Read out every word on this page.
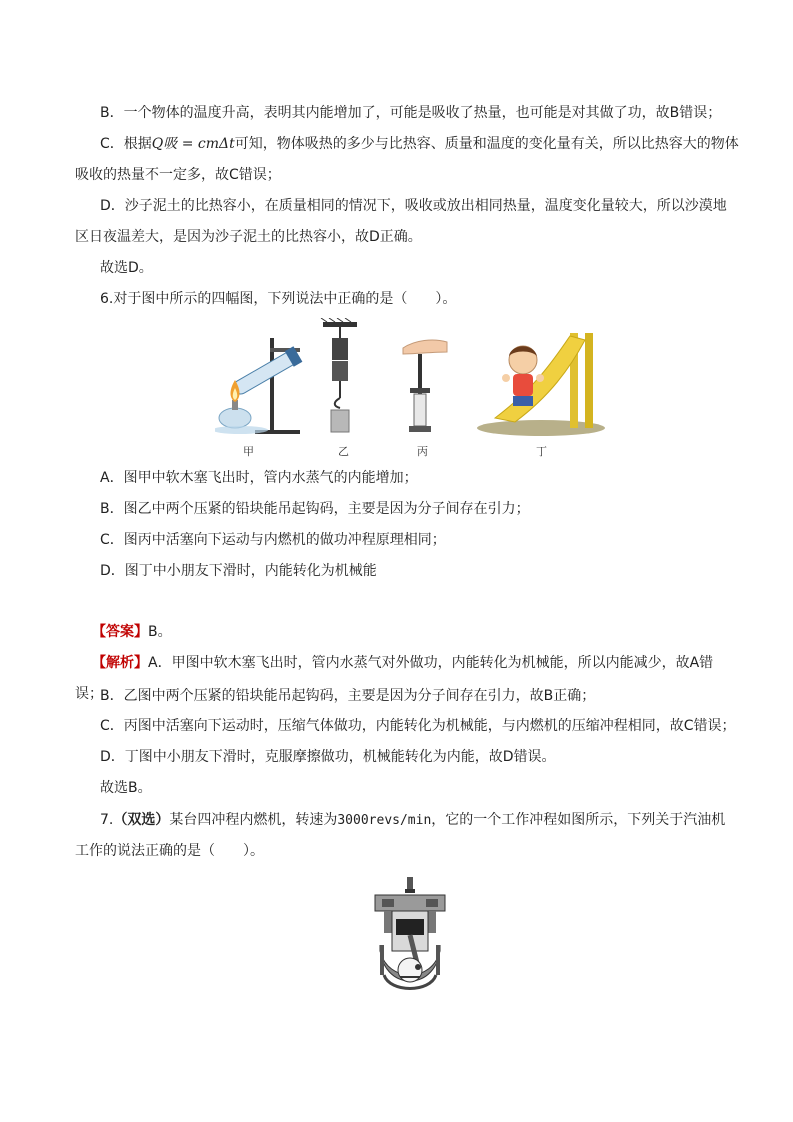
B．一个物体的温度升高，表明其内能增加了，可能是吸收了热量，也可能是对其做了功，故B错误；
C．根据Q吸 = cmΔt可知，物体吸热的多少与比热容、质量和温度的变化量有关，所以比热容大的物体
吸收的热量不一定多，故C错误；
D．沙子泥土的比热容小，在质量相同的情况下，吸收或放出相同热量，温度变化量较大，所以沙漠地
区日夜温差大，是因为沙子泥土的比热容小，故D正确。
故选D。
6.对于图中所示的四幅图，下列说法中正确的是（　　）。
甲	乙	丙	丁
A．图甲中软木塞飞出时，管内水蒸气的内能增加；
B．图乙中两个压紧的铅块能吊起钩码，主要是因为分子间存在引力；
C．图丙中活塞向下运动与内燃机的做功冲程原理相同；
D．图丁中小朋友下滑时，内能转化为机械能
【答案】B。
【解析】A．甲图中软木塞飞出时，管内水蒸气对外做功，内能转化为机械能，所以内能减少，故A错
误；
B．乙图中两个压紧的铅块能吊起钩码，主要是因为分子间存在引力，故B正确；
C．丙图中活塞向下运动时，压缩气体做功，内能转化为机械能，与内燃机的压缩冲程相同，故C错误；
D．丁图中小朋友下滑时，克服摩擦做功，机械能转化为内能，故D错误。
故选B。
7.（双选）某台四冲程内燃机，转速为3000revs/min，它的一个工作冲程如图所示，下列关于汽油机
工作的说法正确的是（　　）。
